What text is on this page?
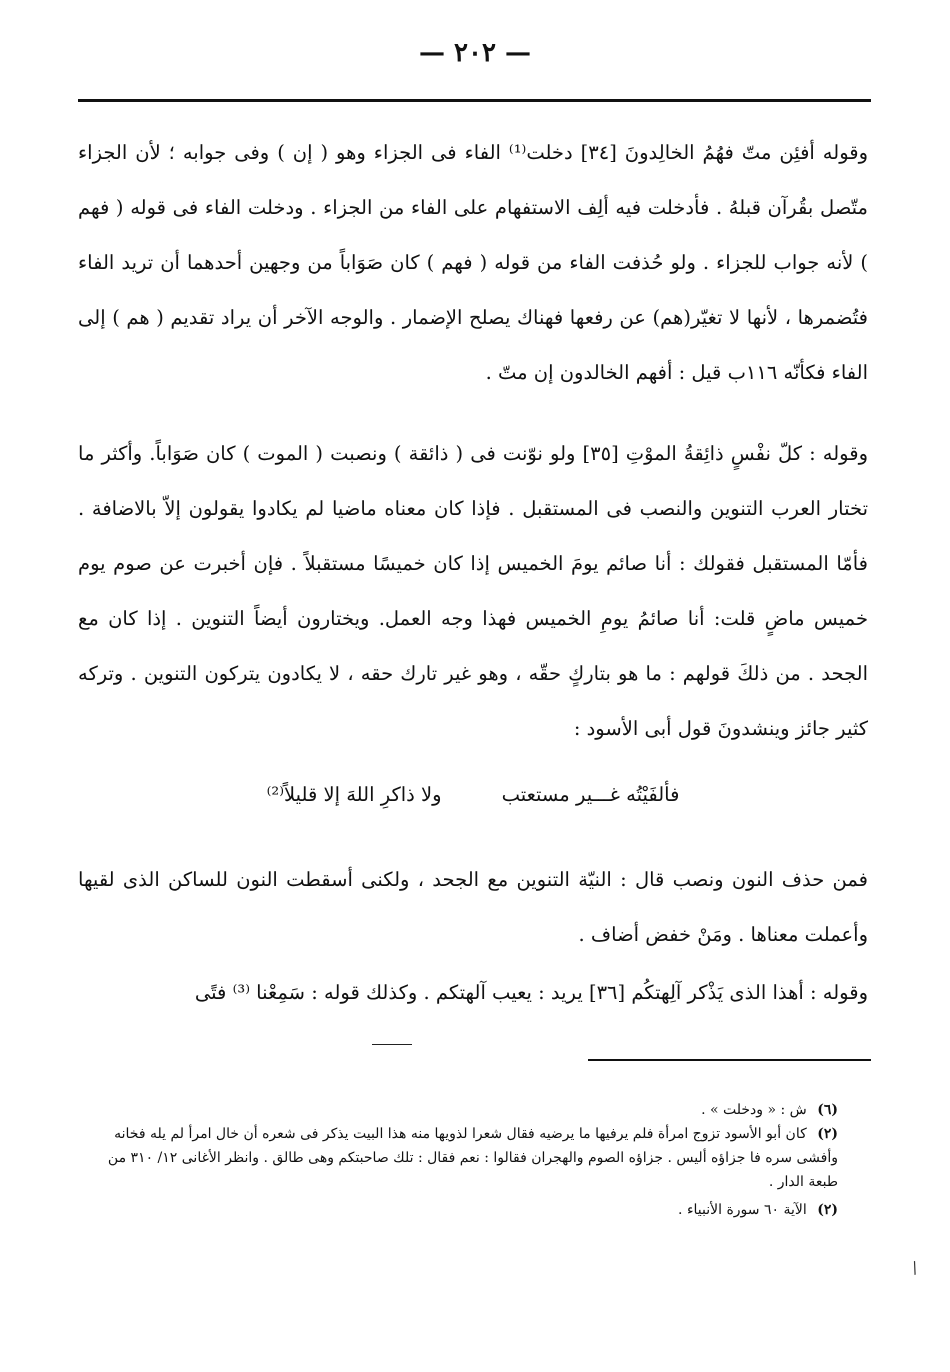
— ٢٠٢ —

وقوله أفئِن متّ فهُمُ الخالِدونَ [٣٤] دخلت⁽¹⁾ الفاء فى الجزاء وهو ( إن ) وفى جوابه ؛ لأن الجزاء متّصل بقُرآن قبلهُ . فأدخلت فيه ألِف الاستفهام على الفاء من الجزاء . ودخلت الفاء فى قوله ( فهم ) لأنه جواب للجزاء . ولو حُذفت الفاء من قوله ( فهم ) كان صَوَاباً من وجهين أحدهما أن تريد الفاء فتُضمرها ، لأنها لا تغيّر(هم) عن رفعها فهناك يصلح الإضمار . والوجه الآخر أن يراد تقديم ( هم ) إلى الفاء فكأنّه ١١٦ب قيل : أفهم الخالدون إن متّ .

وقوله : كلّ نفْسٍ ذائِقةُ الموْتِ [٣٥] ولو نوّنت فى ( ذائقة ) ونصبت ( الموت ) كان صَوَاباً. وأكثر ما تختار العرب التنوين والنصب فى المستقبل . فإذا كان معناه ماضيا لم يكادوا يقولون إلاّ بالاضافة . فأمّا المستقبل فقولك : أنا صائم يومَ الخميس إذا كان خميسًا مستقبلاً . فإن أخبرت عن صوم يوم خميس ماضٍ قلت: أنا صائمُ يومِ الخميس فهذا وجه العمل. ويختارون أيضاً التنوين . إذا كان مع الجحد . من ذلكَ قولهم : ما هو بتاركٍ حقّه ، وهو غير تارك حقه ، لا يكادون يتركون التنوين . وتركه كثير جائز وينشدونَ قول أبى الأسود :

فألفَيْتُه غـــير مستعتب
ولا ذاكرِ اللهَ إلا قليلاً⁽²⁾

فمن حذف النون ونصب قال : النيّة التنوين مع الجحد ، ولكنى أسقطت النون للساكن الذى لقيها وأعملت معناها . ومَنْ خفض أضاف .

وقوله : أهذا الذى يَذْكر آلِهتكُم [٣٦] يريد : يعيب آلهتكم . وكذلك قوله : سَمِعْنا ⁽³⁾ فتًى

(٦) ش : « ودخلت » .

(٢) كان أبو الأسود تزوج امرأة فلم يرفيها ما يرضيه فقال شعرا لذويها منه هذا البيت يذكر فى شعره أن خال امرأ لم يله فخانه وأفشى سره فا جزاؤه أليس . جزاؤه الصوم والهجران فقالوا : نعم فقال : تلك صاحبتكم وهى طالق . وانظر الأغانى ١٢/ ٣١٠ من طبعة الدار .

(٢) الآية ٦٠ سورة الأنبياء .

/
